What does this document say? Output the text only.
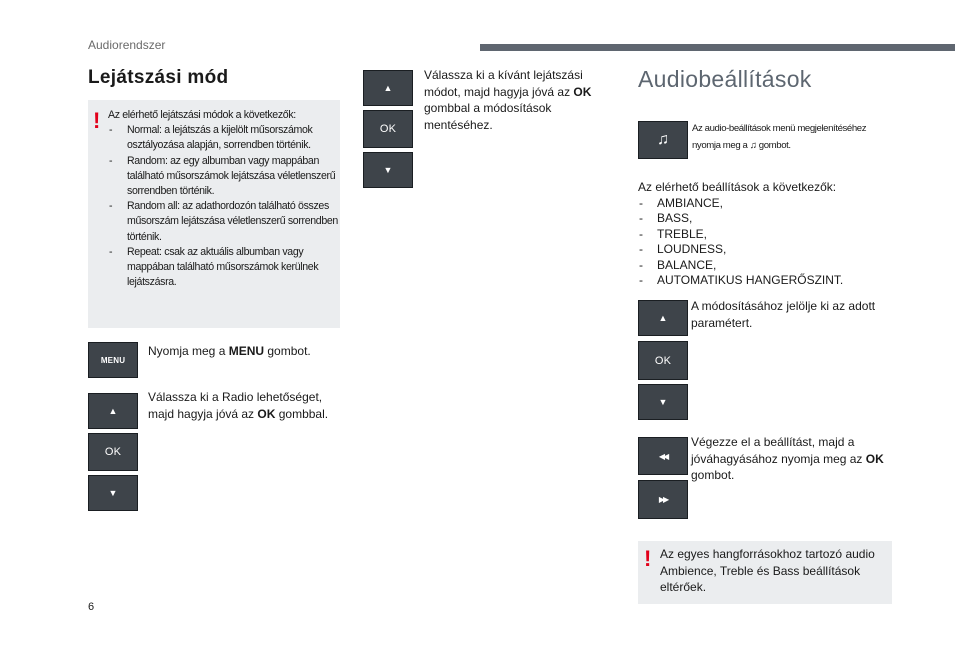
Audiorendszer
Lejátszási mód
! Az elérhető lejátszási módok a következők:
-	Normal: a lejátszás a kijelölt műsorszámok osztályozása alapján, sorrendben történik.
-	Random: az egy albumban vagy mappában található műsorszámok lejátszása véletlenszerű sorrendben történik.
-	Random all: az adathordozón található összes műsorszám lejátszása véletlenszerű sorrendben történik.
-	Repeat: csak az aktuális albumban vagy mappában található műsorszámok kerülnek lejátszásra.
MENU
Nyomja meg a MENU gombot.
▲
OK
▼
Válassza ki a Radio lehetőséget, majd hagyja jóvá az OK gombbal.
▲
OK
▼
Válassza ki a kívánt lejátszási módot, majd hagyja jóvá az OK gombbal a módosítások mentéséhez.
Audiobeállítások
♫
Az audio-beállítások menü megjelenítéséhez
nyomja meg a ♫ gombot.
Az elérhető beállítások a következők:
-	AMBIANCE,
-	BASS,
-	TREBLE,
-	LOUDNESS,
-	BALANCE,
-	AUTOMATIKUS HANGERŐSZINT.
▲
OK
▼
A módosításához jelölje ki az adott paramétert.
◀◀
▶▶
Végezze el a beállítást, majd a jóváhagyásához nyomja meg az OK gombot.
! Az egyes hangforrásokhoz tartozó audio Ambience, Treble és Bass beállítások eltérőek.
6
